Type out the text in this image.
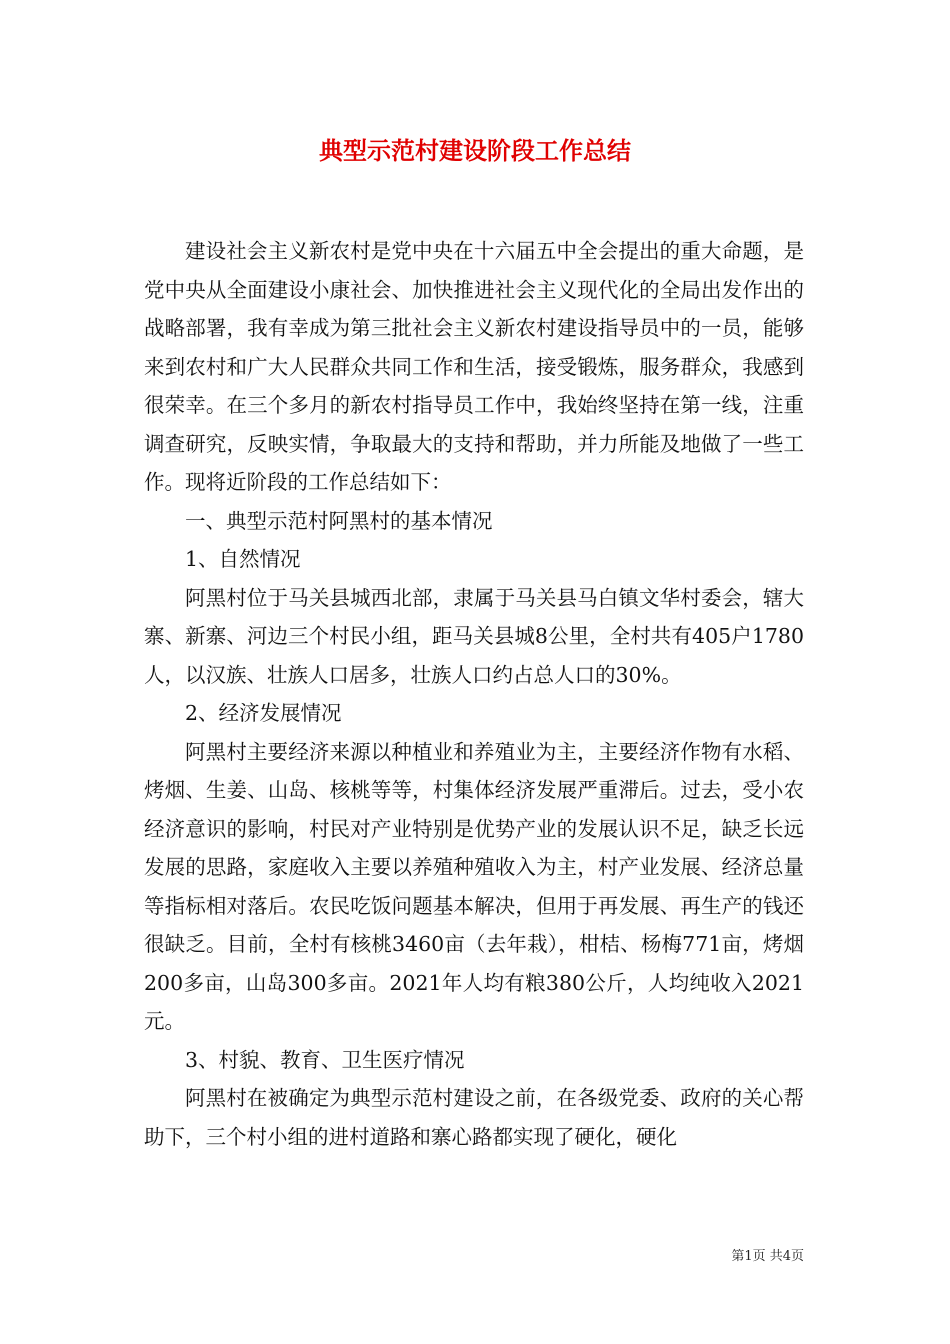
典型示范村建设阶段工作总结

建设社会主义新农村是党中央在十六届五中全会提出的重大命题，是党中央从全面建设小康社会、加快推进社会主义现代化的全局出发作出的战略部署，我有幸成为第三批社会主义新农村建设指导员中的一员，能够来到农村和广大人民群众共同工作和生活，接受锻炼，服务群众，我感到很荣幸。在三个多月的新农村指导员工作中，我始终坚持在第一线，注重调查研究，反映实情，争取最大的支持和帮助，并力所能及地做了一些工作。现将近阶段的工作总结如下：

一、典型示范村阿黑村的基本情况

1、自然情况

阿黑村位于马关县城西北部，隶属于马关县马白镇文华村委会，辖大寨、新寨、河边三个村民小组，距马关县城8公里，全村共有405户1780人，以汉族、壮族人口居多，壮族人口约占总人口的30%。

2、经济发展情况

阿黑村主要经济来源以种植业和养殖业为主，主要经济作物有水稻、烤烟、生姜、山岛、核桃等等，村集体经济发展严重滞后。过去，受小农经济意识的影响，村民对产业特别是优势产业的发展认识不足，缺乏长远发展的思路，家庭收入主要以养殖种殖收入为主，村产业发展、经济总量等指标相对落后。农民吃饭问题基本解决，但用于再发展、再生产的钱还很缺乏。目前，全村有核桃3460亩（去年栽），柑桔、杨梅771亩，烤烟200多亩，山岛300多亩。2021年人均有粮380公斤，人均纯收入2021元。

3、村貌、教育、卫生医疗情况

阿黑村在被确定为典型示范村建设之前，在各级党委、政府的关心帮助下，三个村小组的进村道路和寨心路都实现了硬化，硬化

第1页 共4页
